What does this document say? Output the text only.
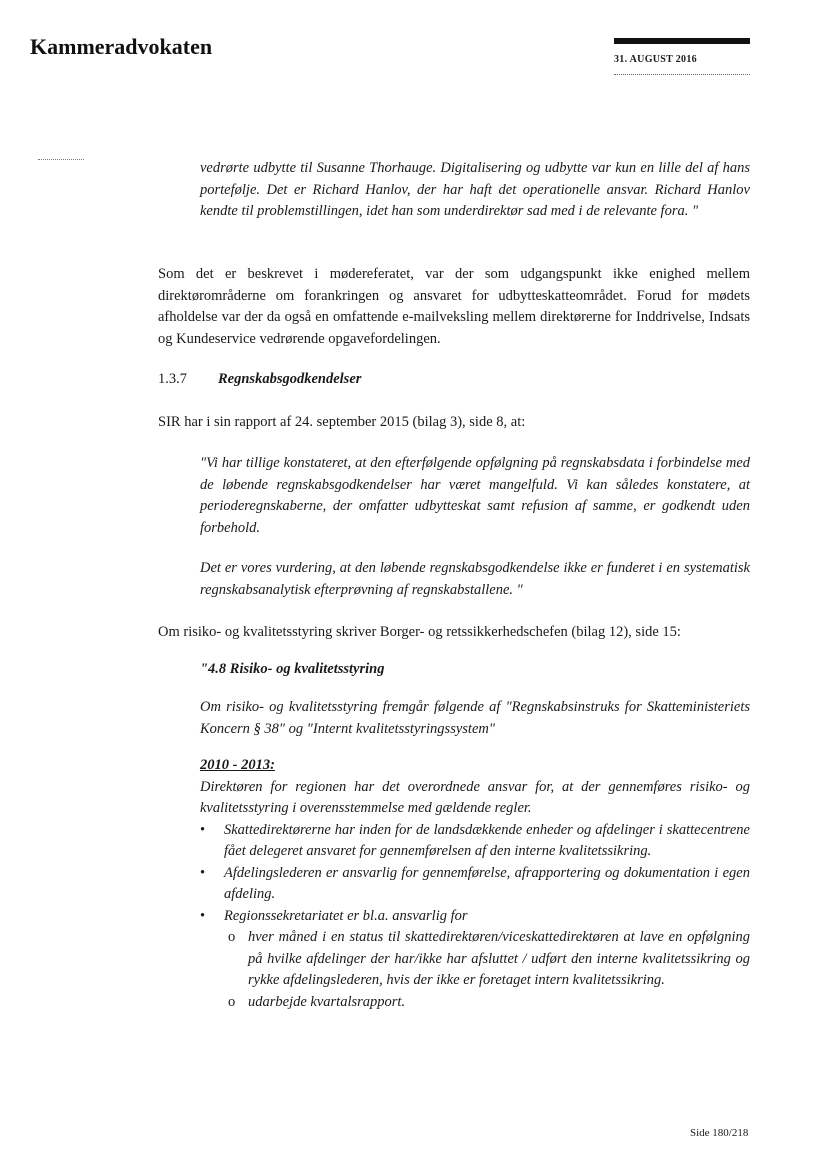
Kammeradvokaten
31. AUGUST 2016
vedrørte udbytte til Susanne Thorhauge. Digitalisering og udbytte var kun en lille del af hans portefølje. Det er Richard Hanlov, der har haft det operationelle ansvar. Richard Hanlov kendte til problemstillingen, idet han som underdirektør sad med i de relevante fora. "
Som det er beskrevet i mødereferatet, var der som udgangspunkt ikke enighed mellem direktørområderne om forankringen og ansvaret for udbytteskatteområdet. Forud for mødets afholdelse var der da også en omfattende e-mailveksling mellem direktørerne for Inddrivelse, Indsats og Kundeservice vedrørende opgavefordelingen.
1.3.7 Regnskabsgodkendelser
SIR har i sin rapport af 24. september 2015 (bilag 3), side 8, at:
"Vi har tillige konstateret, at den efterfølgende opfølgning på regnskabsdata i forbindelse med de løbende regnskabsgodkendelser har været mangelfuld. Vi kan således konstatere, at perioderegnskaberne, der omfatter udbytteskat samt refusion af samme, er godkendt uden forbehold.
Det er vores vurdering, at den løbende regnskabsgodkendelse ikke er funderet i en systematisk regnskabsanalytisk efterprøvning af regnskabstallene. "
Om risiko- og kvalitetsstyring skriver Borger- og retssikkerhedschefen (bilag 12), side 15:
"4.8 Risiko- og kvalitetsstyring
Om risiko- og kvalitetsstyring fremgår følgende af "Regnskabsinstruks for Skatteministeriets Koncern § 38" og "Internt kvalitetsstyringssystem"
2010 - 2013:
Direktøren for regionen har det overordnede ansvar for, at der gennemføres risiko- og kvalitetsstyring i overensstemmelse med gældende regler.
• Skattedirektørerne har inden for de landsdækkende enheder og afdelinger i skattecentrene fået delegeret ansvaret for gennemførelsen af den interne kvalitetssikring.
• Afdelingslederen er ansvarlig for gennemførelse, afrapportering og dokumentation i egen afdeling.
• Regionssekretariatet er bl.a. ansvarlig for
o hver måned i en status til skattedirektøren/viceskattedirektøren at lave en opfølgning på hvilke afdelinger der har/ikke har afsluttet / udført den interne kvalitetssikring og rykke afdelingslederen, hvis der ikke er foretaget intern kvalitetssikring.
o udarbejde kvartalsrapport.
Side 180/218
